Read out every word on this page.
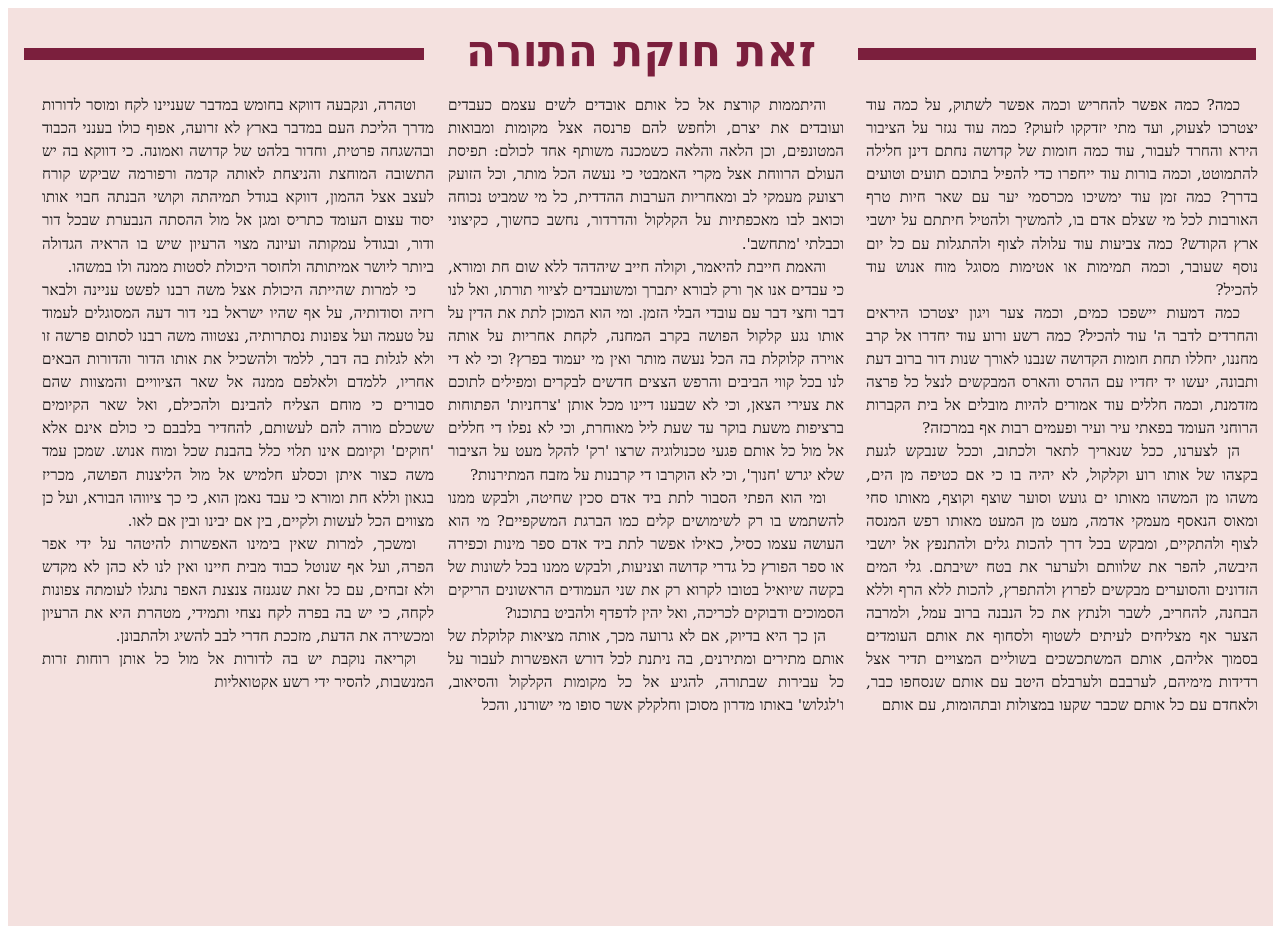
זאת חוקת התורה

כמה? כמה אפשר להחריש וכמה אפשר לשתוק, על כמה עוד יצטרכו לצעוק, ועד מתי יזדקקו לזעוק? כמה עוד נגזר על הציבור הירא והחרד לעבור, עוד כמה חומות של קדושה נחתם דינן חלילה להתמוטט, וכמה בורות עוד ייחפרו כדי להפיל בתוכם תועים וטועים בדרך? כמה זמן עוד ימשיכו מכרסמי יער עם שאר חיות טרף האורבות לכל מי שצלם אדם בו, להמשיך ולהטיל חיתתם על יושבי ארץ הקודש? כמה צביעות עוד עלולה לצוף ולהתגלות עם כל יום נוסף שעובר, וכמה תמימות או אטימות מסוגל מוח אנוש עוד להכיל?

כמה דמעות יישפכו כמים, וכמה צער ויגון יצטרכו היראים והחרדים לדבר ה' עוד להכיל? כמה רשע ורוע עוד יחדרו אל קרב מחננו, יחללו תחת חומות הקדושה שנבנו לאורך שנות דור ברוב דעת ותבונה, יעשו יד יחדיו עם ההרס והארס המבקשים לנצל כל פרצה מזדמנת, וכמה חללים עוד אמורים להיות מובלים אל בית הקברות הרוחני העומד בפאתי עיר ועיר ופעמים רבות אף במרכזה?

הן לצערנו, ככל שנאריך לתאר ולכתוב, וככל שנבקש לגעת בקצהו של אותו רוע וקלקול, לא יהיה בו כי אם כטיפה מן הים, משהו מן המשהו מאותו ים גועש וסוער שוצף וקוצף, מאותו סחי ומאוס הנאסף מעמקי אדמה, מעט מן המעט מאותו רפש המנסה לצוף ולהתקיים, ומבקש בכל דרך להכות גלים ולהתנפץ אל יושבי היבשה, להפר את שלוותם ולערער את בטח ישיבתם. גלי המים הזדונים והסוערים מבקשים לפרוץ ולהתפרץ, להכות ללא הרף וללא הבחנה, להחריב, לשבר ולנתץ את כל הנבנה ברוב עמל, ולמרבה הצער אף מצליחים לעיתים לשטוף ולסחוף את אותם העומדים בסמוך אליהם, אותם המשתכשכים בשוליים המצויים תדיר אצל רדידות מימיהם, לערבבם ולערבלם היטב עם אותם שנסחפו כבר, ולאחדם עם כל אותם שכבר שקעו במצולות ובתהומות, עם אותם

והיתממות קורצת אל כל אותם אובדים לשים עצמם כעבדים ועובדים את יצרם, ולחפש להם פרנסה אצל מקומות ומבואות המטונפים, וכן הלאה והלאה כשמכנה משותף אחד לכולם: תפיסת העולם הרווחת אצל מקרי האמבטי כי נעשה הכל מותר, וכל הזועק רצועק מעמקי לב ומאחריות הערבות ההדדית, כל מי שמביט נכוחה וכואב לבו מאכפתיות על הקלקול והדרדור, נחשב כחשוך, כקיצוני וכבלתי 'מתחשב'.

והאמת חייבת להיאמר, וקולה חייב שיהדהד ללא שום חת ומורא, כי עבדים אנו אך ורק לבורא יתברך ומשועבדים לציווי תורתו, ואל לנו דבר וחצי דבר עם עובדי הבלי הזמן. ומי הוא המוכן לתת את הדין על אותו נגע קלקול הפושה בקרב המחנה, לקחת אחריות על אותה אוירה קלוקלת בה הכל נעשה מותר ואין מי יעמוד בפרץ? וכי לא די לנו בכל קווי הביבים והרפש הצצים חדשים לבקרים ומפילים לתוכם את צעירי הצאן, וכי לא שבענו דיינו מכל אותן 'צרחניות' הפתוחות ברציפות משעת בוקר עד שעת ליל מאוחרת, וכי לא נפלו די חללים אל מול כל אותם פגעי טכנולוגיה שרצו 'רק' להקל מעט על הציבור שלא יגרש 'חנוך', וכי לא הוקרבו די קרבנות על מזבח המתירנות?

ומי הוא הפתי הסבור לתת ביד אדם סכין שחיטה, ולבקש ממנו להשתמש בו רק לשימושים קלים כמו הברגת המשקפיים? מי הוא העושה עצמו כסיל, כאילו אפשר לתת ביד אדם ספר מינות וכפירה או ספר הפורץ כל גדרי קדושה וצניעות, ולבקש ממנו בכל לשונות של בקשה שיואיל בטובו לקרוא רק את שני העמודים הראשונים הריקים הסמוכים ודבוקים לכריכה, ואל יהין לדפדף ולהביט בתוכנו?

הן כך היא בדיוק, אם לא גרועה מכך, אותה מציאות קלוקלת של אותם מתירים ומתירנים, בה ניתנת לכל דורש האפשרות לעבור על כל עבירות שבתורה, להגיע אל כל מקומות הקלקול והסיאוב, ו'לגלוש' באותו מדרון מסוכן וחלקלק אשר סופו מי ישורנו, והכל

וטהרה, ונקבעה דווקא בחומש במדבר שעניינו לקח ומוסר לדורות מדרך הליכת העם במדבר בארץ לא זרועה, אפוף כולו בענני הכבוד ובהשגחה פרטית, וחדור בלהט של קדושה ואמונה. כי דווקא בה יש התשובה המוחצת והניצחת לאותה קדמה ורפורמה שביקש קורח לעצב אצל ההמון, דווקא בגודל תמיהתה וקושי הבנתה חבוי אותו יסוד עצום העומד כתריס ומגן אל מול ההסתה הנבערת שבכל דור ודור, ובגודל עמקותה ועיונה מצוי הרעיון שיש בו הראיה הגדולה ביותר ליושר אמיתותה ולחוסר היכולת לסטות ממנה ולו במשהו.

כי למרות שהייתה היכולת אצל משה רבנו לפשט עניינה ולבאר רזיה וסודותיה, על אף שהיו ישראל בני דור דעה המסוגלים לעמוד על טעמה ועל צפונות נסתרותיה, נצטווה משה רבנו לסתום פרשה זו ולא לגלות בה דבר, ללמד ולהשכיל את אותו הדור והדורות הבאים אחריו, ללמדם ולאלפם ממנה אל שאר הציוויים והמצוות שהם סבורים כי מוחם הצליח להבינם ולהכילם, ואל שאר הקיומים ששכלם מורה להם לעשותם, להחדיר בלבבם כי כולם אינם אלא 'חוקים' וקיומם אינו תלוי כלל בהבנת שכל ומוח אנוש. שמכן עמד משה כצור איתן וכסלע חלמיש אל מול הליצנות הפושה, מכריז בגאון וללא חת ומורא כי עבד נאמן הוא, כי כך ציווהו הבורא, ועל כן מצווים הכל לעשות ולקיים, בין אם יבינו ובין אם לאו.

ומשכך, למרות שאין בימינו האפשרות להיטהר על ידי אפר הפרה, ועל אף שנוטל כבוד מבית חיינו ואין לנו לא כהן לא מקדש ולא זבחים, עם כל זאת שנגנזה צנצנת האפר נתגלו לעומתה צפונות לקחה, כי יש בה בפרה לקח נצחי ותמידי, מטהרת היא את הרעיון ומכשירה את הדעת, מזככת חדרי לבב להשיג ולהתבונן.

וקריאה נוקבת יש בה לדורות אל מול כל אותן רוחות זרות המנשבות, להסיר ידי רשע אקטואליות
